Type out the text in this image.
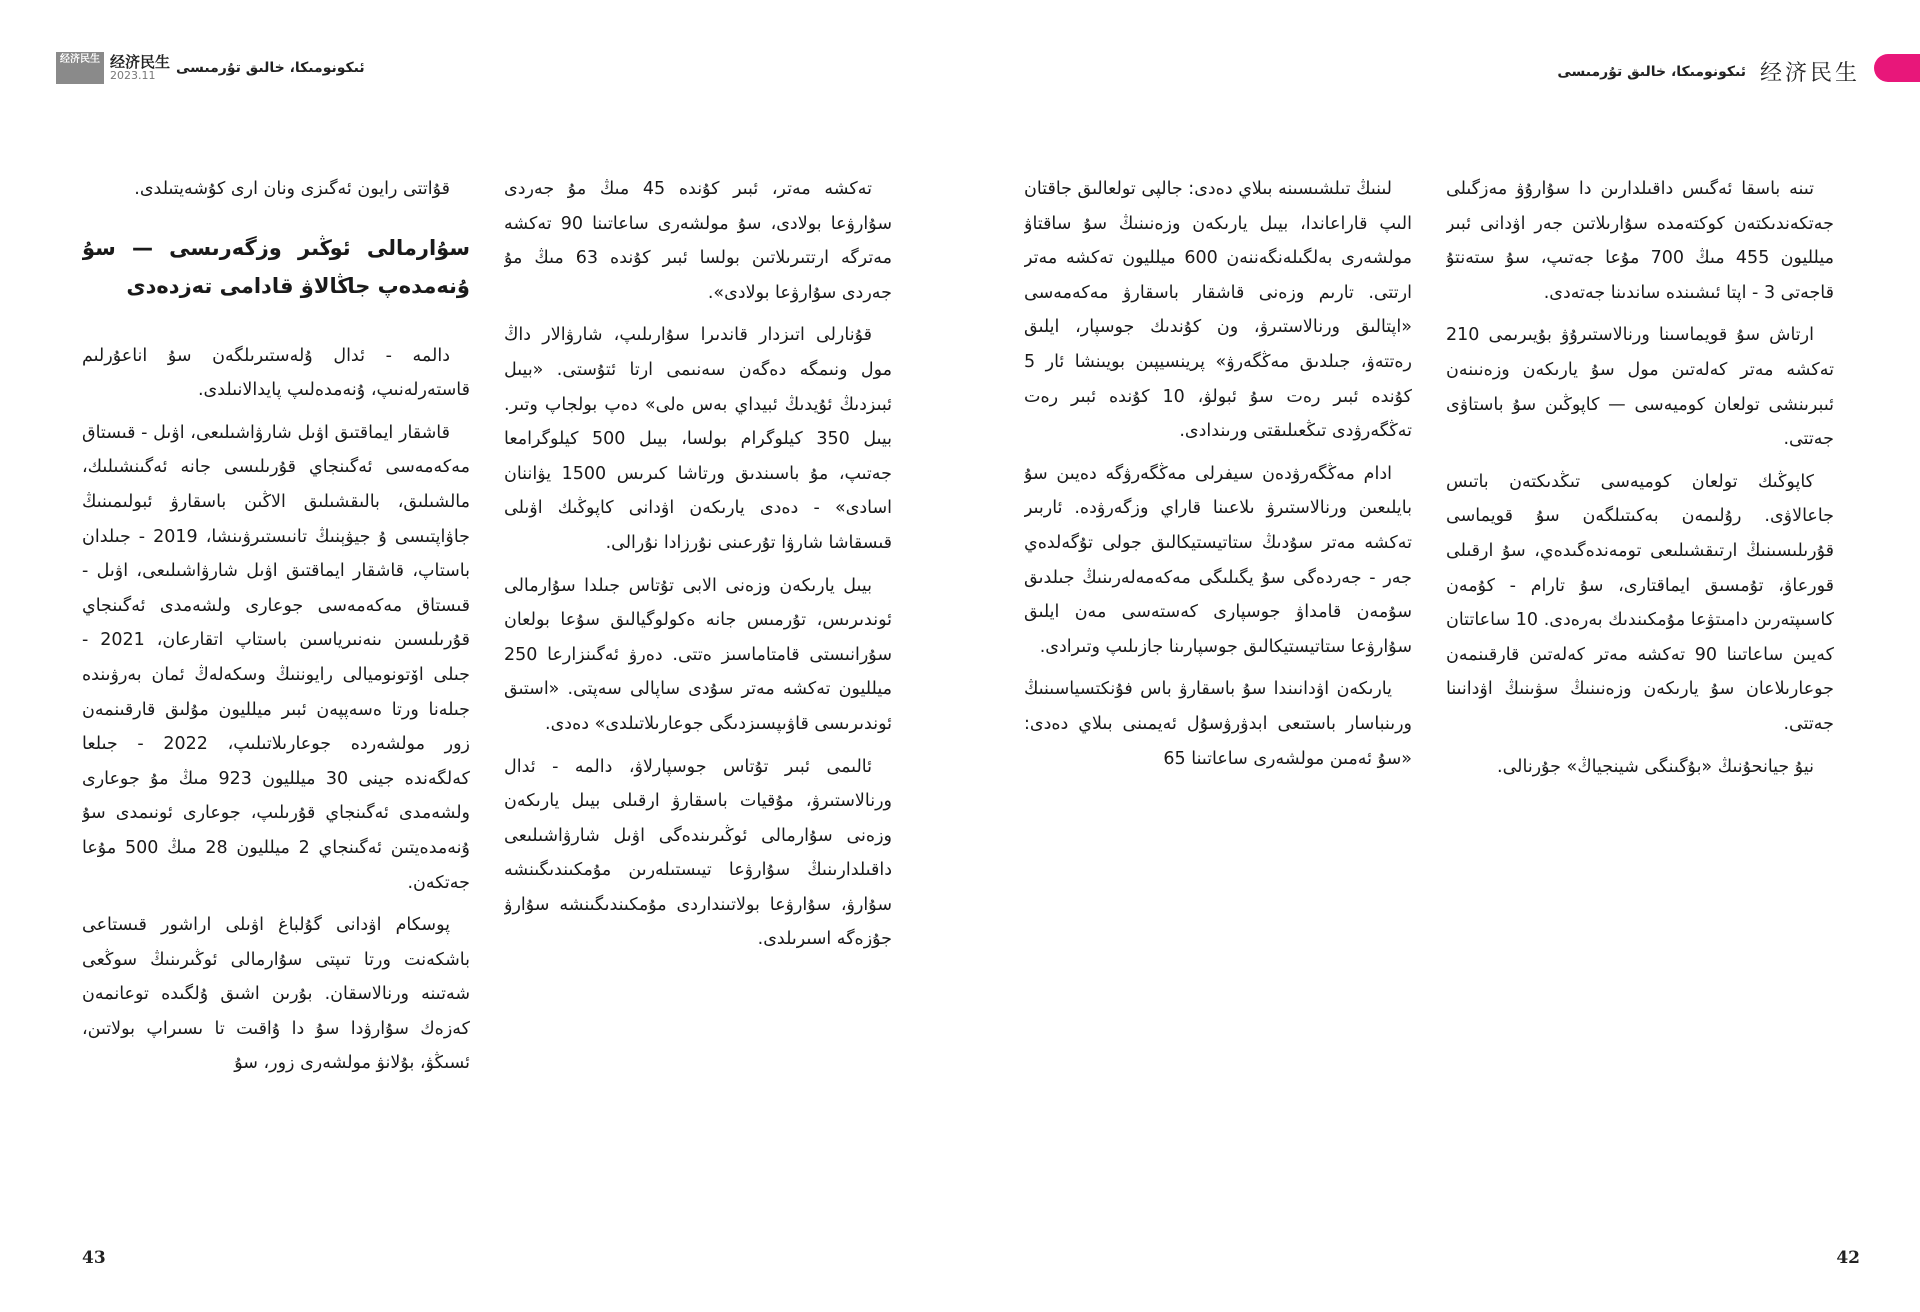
经济民生 经济民生
2023.11	ئىكونومىكا، خالىق تۇرمىسى

تەكشە مەتر، ئبىر كۇندە 45 مىڭ مۇ جەردى سۇارۋعا بولادى، سۇ مولشەرى ساعاتىنا 90 تەكشە مەترگە ارتتىرىلاتىن بولسا ئبىر كۇندە 63 مىڭ مۇ جەردى سۇارۋعا بولادى».

قۇنارلى اتىزدار قاندىرا سۇارىلىپ، شارۋالار داڭ مول ونىمگە دەگەن سەنىمى ارتا ئتۇستى. «بيىل ئبىزدىڭ ئۇيدىڭ ئبيداي بەس ەلى» دەپ بولجاپ وتىر. بيىل 350 كيلوگرام بولسا، بيىل 500 كيلوگرامعا جەتىپ، مۇ باسىندىق ورتاشا كىرىس 1500 يۋاننان اسادى» - دەدى يارىكەن اۋدانى كاپوڭىك اۋىلى قىسقاشا شارۋا تۇرعىنى نۇرزادا نۇرالى.

بيىل يارىكەن وزەنى الابى تۇتاس جىلدا سۇارمالى ئوندىرىس، تۇرمىس جانە ەكولوگيالىق سۇعا بولعان سۇرانىستى قامتاماسىز ەتتى. دەرۋ ئەگىنزارعا 250 ميلليون تەكشە مەتر سۇدى ساپالى سەپتى. «استىق ئوندىرىسى قاۋىپسىزدىگى جوعارىلاتىلدى» دەدى.

ئالىمى ئبىر تۇتاس جوسپارلاۋ، دالمە - ئدال ورنالاستىرۋ، مۇقيات باسقارۋ ارقىلى بيىل يارىكەن وزەنى سۇارمالى ئوڭىرىندەگى اۋىل شارۋاشىلىعى داقىلدارىنىڭ سۇارۋعا تيىستىلەرىن مۇمكىندىگىنشە سۇارۋ، سۇارۋعا بولاتىنداردى مۇمكىندىگىنشە سۇارۋ جۇزەگە اسىرىلدى.

قۇاتتى رايون ئەگىزى ونان ارى كۇشەيتىلدى.

سۇارمالى ئوڭىر وزگەرىسى — سۇ ۇنەمدەپ جاڭالاۋ قادامى تەزدەدى

دالمە - ئدال ۇلەستىرىلگەن سۇ اناعۇرلىم قاستەرلەنىپ، ۇنەمدەلىپ پايدالانىلدى.

قاشقار ايماقتىق اۋىل شارۋاشىلىعى، اۋىل - قىستاق مەكەمەسى ئەگىنجاي قۇرىلىسى جانە ئەگىنشىلىك، مالشىلىق، بالىقشىلىق الاڭىن باسقارۋ ئبولىمىنىڭ جاۋاپتىسى ۇ جيۋېنىڭ تانىستىرۋىنشا، 2019 - جىلدان باستاپ، قاشقار ايماقتىق اۋىل شارۋاشىلىعى، اۋىل - قىستاق مەكەمەسى جوعارى ولشەمدى ئەگىنجاي قۇرىلىسىن ىنەنىرياسىن باستاپ اتقارعان، 2021 - جىلى اۆتونوميالى رايوننىڭ وسكەلەڭ ئمان بەرۋىندە جىلەنا ورتا ەسەپپەن ئبىر ميلليون مۇلىق قارقىنمەن زور مولشەردە جوعارىلاتىلىپ، 2022 - جىلعا كەلگەندە جينى 30 ميلليون 923 مىڭ مۇ جوعارى ولشەمدى ئەگىنجاي قۇرىلىپ، جوعارى ئونىمدى سۇ ۇنەمدەيتىن ئەگىنجاي 2 ميلليون 28 مىڭ 500 مۇعا جەتكەن.

پوسكام اۋدانى گۇلباغ اۋىلى اراشور قىستاعى باشكەنت ورتا تىپتى سۇارمالى ئوڭىرىنىڭ سوڭعى شەتىنە ورنالاسقان. بۇرىن اشىق ۇلگىدە توعانمەن كەزەك سۇارۋدا سۇ دا ۇاقىت تا ىسىراپ بولاتىن، ئسىڭۋ، بۇلانۋ مولشەرى زور، سۇ

43
ئىكونومىكا، خالىق تۇرمىسى 经济民生

تىنە باسقا ئەگىس داقىلدارىن دا سۇارۇۋ مەزگىلى جەتكەندىكتەن كوكتەمدە سۇارىلاتىن جەر اۋدانى ئبىر ميلليون 455 مىڭ 700 مۇعا جەتىپ، سۇ ستەنتۇ قاجەتى 3 - اپتا ئىشىندە ساندىنا جەتەدى.

ارتاش سۇ قويماسىنا ورنالاستىرۇۋ بۇيىرىمى 210 تەكشە مەتر كەلەتىن مول سۇ يارىكەن وزەنىنەن ئىبرىنشى تولعان كوميەسى — كاپوڭىن سۇ باستاۋى جەتتى.

كاپوڭىك تولعان كوميەسى تىڭدىكتەن باتىس جاعالاۋى. رۇلىمەن بەكىتىلگەن سۇ قويماسى قۇرىلىسىنىڭ ارتىقشىلىعى تومەندەگىدەي، سۇ ارقىلى قورعاۋ، تۇمسىق ايماقتارى، سۇ تارام - كۇمەن كاسىپتەرىن دامىتۋعا مۇمكىندىك بەرەدى. 10 ساعاتتان كەيىن ساعاتىنا 90 تەكشە مەتر كەلەتىن قارقىنمەن جوعارىلاعان سۇ يارىكەن وزەنىنىڭ سۋىنىڭ اۋدانىنا جەتتى.

نيۇ جيانحۇنىڭ «بۇگىنگى شينجياڭ» جۇرنالى.

لىنىڭ تىلشىسىنە بىلاي دەدى: جالپى تولعالىق جاقتان الىپ قاراعاندا، بيىل يارىكەن وزەنىنىڭ سۇ ساقتاۋ مولشەرى بەلگىلەنگەننەن 600 ميلليون تەكشە مەتر ارتتى. تارىم وزەنى قاشقار باسقارۋ مەكەمەسى «اپتالىق ورنالاستىرۋ، ون كۇندىك جوسپار، ايلىق رەتتەۋ، جىلدىق مەڭگەرۋ» پرينسيپىن بويىنشا ئار 5 كۇندە ئبىر رەت سۇ ئبولۋ، 10 كۇندە ئبىر رەت تەڭگەرۋدى تىڭعىلىقتى ورىندادى.

ادام مەڭگەرۋدەن سيفرلى مەڭگەرۋگە دەيىن سۇ بايلىعىن ورنالاستىرۋ ىلاعىنا قاراي وزگەرۋدە. ئاربىر تەكشە مەتر سۇدىڭ ستاتيستيكالىق جولى تۇگەلدەي جەر - جەردەگى سۇ يگىلىگى مەكەمەلەرىنىڭ جىلدىق سۇمەن قامداۋ جوسپارى كەستەسى مەن ايلىق سۇارۋعا ستاتيستيكالىق جوسپارىنا جازىلىپ وتىرادى.

يارىكەن اۋدانىندا سۇ باسقارۋ باس فۇنكتسياسىنىڭ ورىنباسار باستىعى ابدۋرۋسۇل ئەيمىنى بىلاي دەدى: «سۇ ئەمىن مولشەرى ساعاتىنا 65

42
